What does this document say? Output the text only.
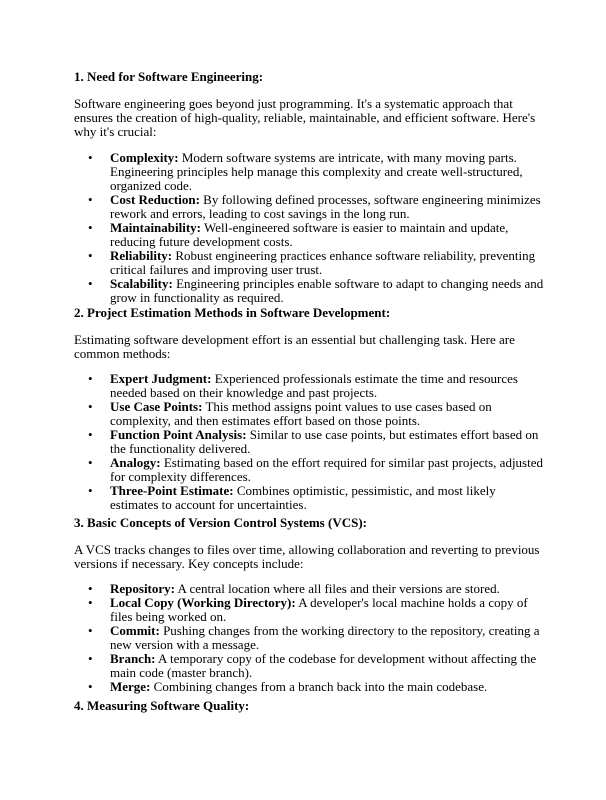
1. Need for Software Engineering:
Software engineering goes beyond just programming. It's a systematic approach that ensures the creation of high-quality, reliable, maintainable, and efficient software. Here's why it's crucial:
• Complexity: Modern software systems are intricate, with many moving parts. Engineering principles help manage this complexity and create well-structured, organized code.
• Cost Reduction: By following defined processes, software engineering minimizes rework and errors, leading to cost savings in the long run.
• Maintainability: Well-engineered software is easier to maintain and update, reducing future development costs.
• Reliability: Robust engineering practices enhance software reliability, preventing critical failures and improving user trust.
• Scalability: Engineering principles enable software to adapt to changing needs and grow in functionality as required.
2. Project Estimation Methods in Software Development:
Estimating software development effort is an essential but challenging task. Here are common methods:
• Expert Judgment: Experienced professionals estimate the time and resources needed based on their knowledge and past projects.
• Use Case Points: This method assigns point values to use cases based on complexity, and then estimates effort based on those points.
• Function Point Analysis: Similar to use case points, but estimates effort based on the functionality delivered.
• Analogy: Estimating based on the effort required for similar past projects, adjusted for complexity differences.
• Three-Point Estimate: Combines optimistic, pessimistic, and most likely estimates to account for uncertainties.
3. Basic Concepts of Version Control Systems (VCS):
A VCS tracks changes to files over time, allowing collaboration and reverting to previous versions if necessary. Key concepts include:
• Repository: A central location where all files and their versions are stored.
• Local Copy (Working Directory): A developer's local machine holds a copy of files being worked on.
• Commit: Pushing changes from the working directory to the repository, creating a new version with a message.
• Branch: A temporary copy of the codebase for development without affecting the main code (master branch).
• Merge: Combining changes from a branch back into the main codebase.
4. Measuring Software Quality:
